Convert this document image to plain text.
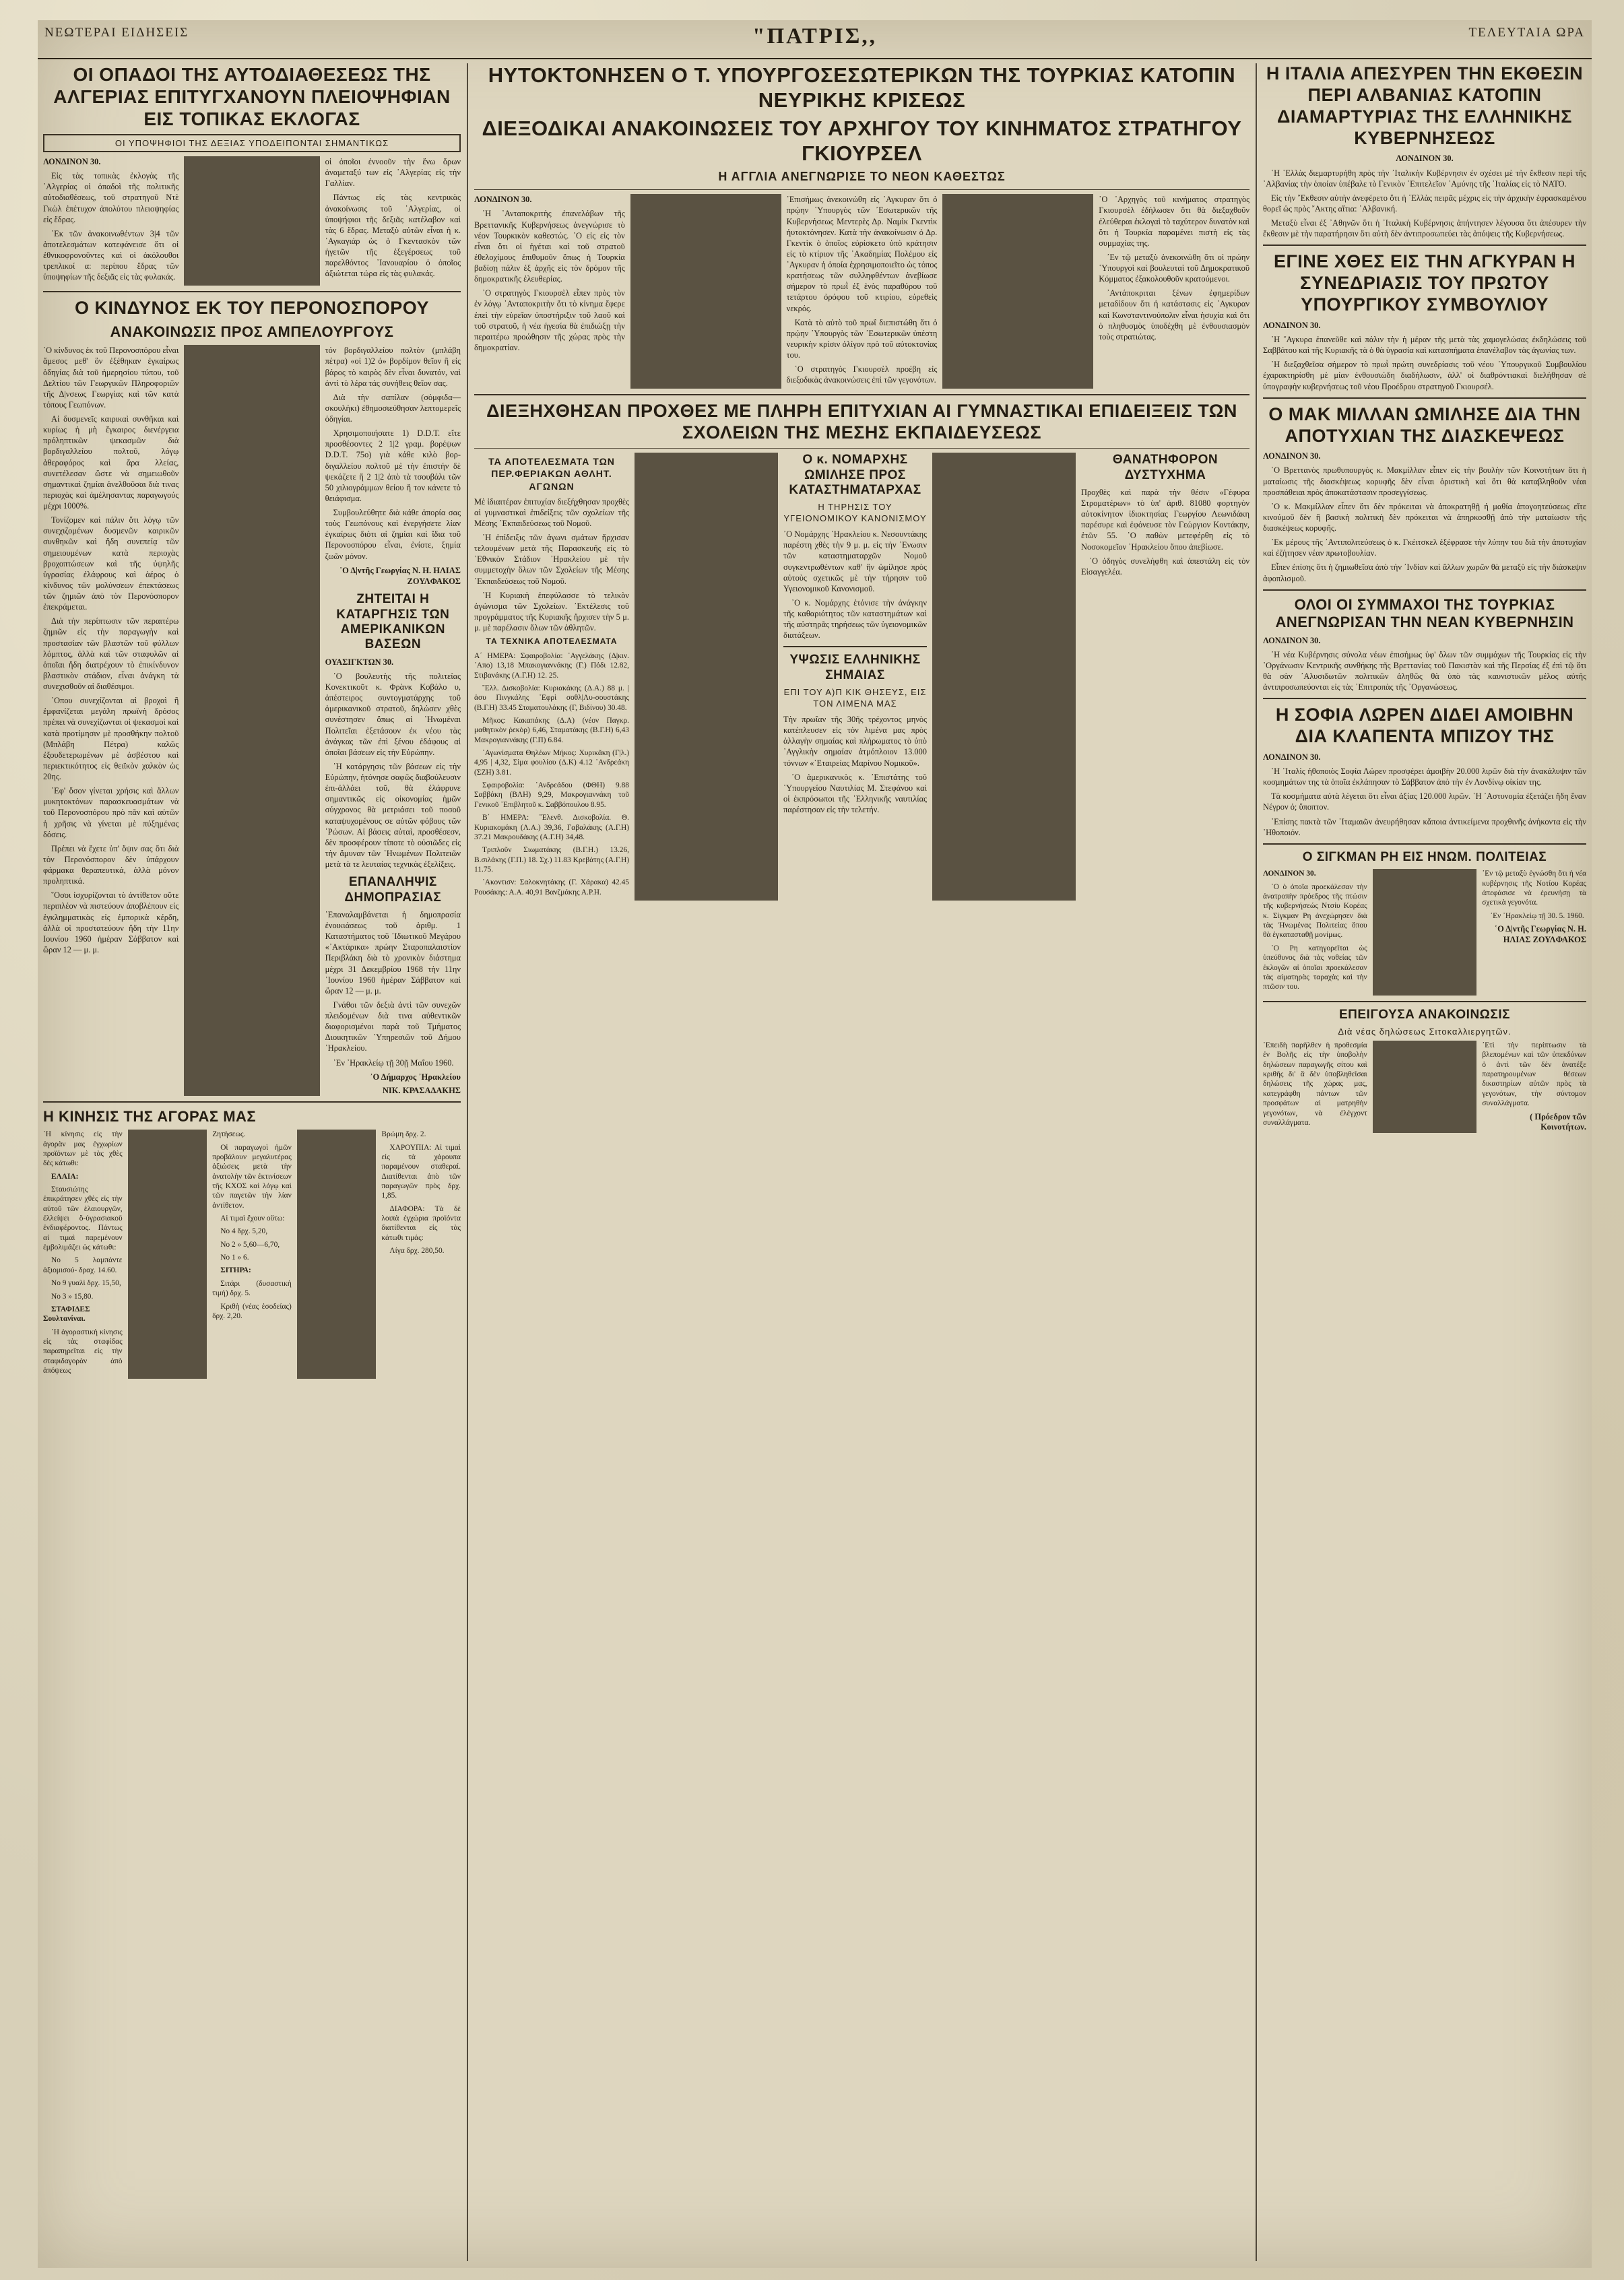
ΝΕΩΤΕΡΑΙ ΕΙΔΗΣΕΙΣ	"ΠΑΤΡΙΣ,,	ΤΕΛΕΥΤΑΙΑ ΩΡΑ
ΟΙ ΟΠΑΔΟΙ ΤΗΣ ΑΥΤΟΔΙΑΘΕΣΕΩΣ ΤΗΣ ΑΛΓΕΡΙΑΣ ΕΠΙΤΥΓΧΑΝΟΥΝ ΠΛΕΙΟΨΗΦΙΑΝ ΕΙΣ ΤΟΠΙΚΑΣ ΕΚΛΟΓΑΣ
ΟΙ ΥΠΟΨΗΦΙΟΙ ΤΗΣ ΔΕΞΙΑΣ ΥΠΟΔΕΙΠΟΝΤΑΙ ΣΗΜΑΝΤΙΚΩΣ

ΛΟΝΔΙΝΟΝ 30.

Εἰς τὰς τοπικὰς ἐκλογὰς τῆς ᾽Αλγερίας οἱ ὀπαδοὶ τῆς πολιτικῆς αὐτοδιαθέσεως, τοῦ στρατηγοῦ Ντὲ Γκὼλ ἐπέτυχον ἀπολύτου πλειοψηφίας εἰς ἕδρας.

᾽Εκ τῶν ἀνακοινωθέντων 3|4 τῶν ἀποτελεσμάτων κατεφάνεισε ὅτι οἱ ἐθνικοφρονοῦντες καὶ οἱ ἀκόλουθοι τρεπλικοί α: περίπου ἕδρας τῶν ὑποψηφίων τῆς δεξιᾶς εἰς τὰς φυλακάς.

οἱ ὁποῖοι ἐννοοῦν τὴν ἕνω ὅρων ἀναμεταξύ των εἰς ᾽Αλγερίας εἰς τὴν Γαλλίαν.

Πάντως εἰς τὰς κεντρικὰς ἀνακοίνωσις τοῦ ᾽Αλγερίας, οἱ ὑποψήφιοι τῆς δεξιᾶς κατέλαβον καὶ τὰς 6 ἕδρας. Μεταξὺ αὐτῶν εἶναι ἡ κ. ᾽Αγκαγιάρ ὡς ὁ Γκεντασκὸν τῶν ἡγετῶν τῆς ἐξεγέρσεως τοῦ παρελθόντος ᾽Ιανουαρίου ὁ ὁποῖος ἀξιώτεται τώρα εἰς τὰς φυλακάς.

Ο ΚΙΝΔΥΝΟΣ ΕΚ ΤΟΥ ΠΕΡΟΝΟΣΠΟΡΟΥ
ΑΝΑΚΟΙΝΩΣΙΣ ΠΡΟΣ ΑΜΠΕΛΟΥΡΓΟΥΣ

᾽Ο κίνδυνος ἐκ τοῦ Περονοσπόρου εἶναι ἄμεσος μεθ' ὃν ἐξέθηκαν ἐγκαίρως ὁδηγίας διὰ τοῦ ἡμερησίου τύπου, τοῦ Δελτίου τῶν Γεωργικῶν Πληροφοριῶν τῆς Δ|νσεως Γεωργίας καὶ τῶν κατὰ τόπους Γεωπόνων.

Αἱ δυσμενεῖς καιρικαὶ συνθῆκαι καὶ κυρίως ἡ μὴ ἔγκαιρος διενέργεια πρόληπτικῶν ψεκασμῶν διὰ βορδιγαλλείου πολτοῦ, λόγῳ ἀθεραφόρος καὶ ἄρα λλείας, συνετέλεσαν ὥστε νὰ σημειωθοῦν σημαντικαὶ ζημίαι ἀνελθοῦσαι διὰ τινας περιοχὰς καὶ ἀμέλησαντας παραγωγούς μέχρι 1000%.

Τονίζομεν καὶ πάλιν ὅτι λόγῳ τῶν συνεχιζομένων δυσμενῶν καιρικῶν συνθηκῶν καὶ ἤδη συνεπείᾳ τῶν σημειουμένων κατὰ περιοχὰς βροχοπτώσεων καὶ τῆς ὑψηλῆς ὑγρασίας ἐλάφρους καὶ ἀέρος ὁ κίνδυνος τῶν μολύνσεων ἐπεκτάσεως τῶν ζημιῶν ἀπὸ τὸν Περονόσπορον ἐπεκράμεται.

Διὰ τὴν περίπτωσιν τῶν περαιτέρω ζημιῶν εἰς τὴν παραγωγὴν καὶ προστασίαν τῶν βλαστῶν τοῦ φύλλων λόμπτος, ἀλλὰ καὶ τῶν σταφυλῶν αἱ ὁποῖαι ἤδη διατρέχουν τὸ ἐπικίνδυνον βλαστικὸν στάδιον, εἶναι ἀνάγκη τὰ συνεχισθοῦν αἱ διαθέσιμοι.

᾽Οπου συνεχίζονται αἱ βροχαὶ ἢ ἐμφανίζεται μεγάλη πρωϊνὴ δρόσος πρέπει νὰ συνεχίζωνται οἱ ψεκασμοὶ καὶ κατὰ προτίμησιν μὲ προσθήκην πολτοῦ (Μπλάβη Πέτρα) καλῶς ἐξουδετερωμένων μὲ ἀσβέστου καὶ περιεκτικότητος εἰς θειϊκὸν χαλκὸν ὡς 20ης.

᾽Εφ' ὅσον γίνεται χρήσις καὶ ἄλλων μυκητοκτόνων παρασκευασμάτων νὰ τοῦ Περονοσπόρου πρὸ πᾶν καὶ αὐτῶν ἡ χρῆσις νὰ γίνεται μὲ πύξημένας δόσεις.

Πρέπει νὰ ἔχετε ὑπ' ὄψιν σας ὅτι διὰ τὸν Περονόσπορον δὲν ὑπάρχουν φάρμακα θεραπευτικά, ἀλλὰ μόνον προληπτικά.

῞Οσοι ἰσχυρίζονται τὸ ἀντίθετον οὕτε περιπλέον νὰ πιστεύουν ἀποβλέπουν εἰς ἐγκλημματικὰς εἰς ἐμπορικὰ κέρδη, ἀλλὰ οἱ προστατεύουν ἤδη τὴν 11ην Ιουνίου 1960 ἡμέραν Σάββατον καὶ ὥραν 12 — μ. μ.

τόν βορδιγαλλείου πολτὸν (μπλάβη πέτρα) «οἱ 1)2 ὁ» βορδίμον θεῖον ἢ εἰς βάρος τὸ καιρὸς δὲν εἶναι δυνατόν, ναὶ ἀντὶ τὸ λέρα τάς συνήθεις θεῖον σας.

Διὰ τὴν σαπίλαν (σόμφιδα—σκουλήκι) ἐθημοσιεύθησαν λεπτομερεῖς ὁδηγίαι.

Χρησιμοποιήσατε 1) D.D.T. εἴτε προσθέσοντες 2 1|2 γραμ. βορέψων D.D.T. 75ο) γιὰ κάθε κιλὸ βορ-διγαλλείου πολτοῦ μὲ τὴν ἐπιστήν δὲ ψεκάζετε ἤ 2 1|2 ἀπὸ τὰ τσουβάλι τῶν 50 χιλιογράμμων θείου ἢ τον κάνετε τὸ θειάφισμα.

Συμβουλεύθητε διὰ κάθε ἀπορία σας τοὺς Γεωπόνους καὶ ἐνεργήσετε λίαν ἐγκαίρως διότι αἱ ζημίαι καὶ ἴδια τοῦ Περονοσπόρου εἶναι, ἐνίοτε, ξημία ζωῶν μόνον.

᾽Ο Δ|ντῆς Γεωργίας Ν. Η. ΗΛΙΑΣ ΖΟΥΛΦΑΚΟΣ
ΖΗΤΕΙΤΑΙ Η ΚΑΤΑΡΓΗΣΙΣ ΤΩΝ ΑΜΕΡΙΚΑΝΙΚΩΝ ΒΑΣΕΩΝ

ΟΥΑΣΙΓΚΤΩΝ 30.

᾽Ο βουλευτὴς τῆς πολιτείας Κονεκτικοῦτ κ. Φρὰνκ Κοβάλο υ, ἀπέστειρος συντογματάρχης τοῦ ἀμερικανικοῦ στρατοῦ, δηλώσεν χθὲς συνέστησεν ὅπως αἱ ῾Ηνωμέναι Πολιτεῖαι ἐξετάσουν ἐκ νέου τὰς ἀνάγκας τῶν ἐπὶ ξένου ἐδάφους αἱ ὁποῖαι βάσεων εἰς τὴν Εὐρώπην.

῾Η κατάργησις τῶν βάσεων εἰς τὴν Εὐρώπην, ἠτόνησε σαφῶς διαβούλευσιν ἐπι-ἀλλάει τοῦ, θὰ ἐλάφρυνε σημαντικῶς εἰς οἰκονομίας ἡμῶν σύγχρονος θὰ μετριάσει τοῦ ποσοῦ καταψυχομένους σε αὐτῶν φόβους τῶν ῾Ρώσων. Αἱ βάσεις αὐταὶ, προσθέσεσν, δὲν προσφέρουν τίποτε τὸ οὐσιῶδες εἰς τὴν ἄμυναν τῶν ῾Ηνωμένων Πολιτειῶν μετὰ τὰ τε λευταίας τεχνικὰς ἐξελίξεις.

ΕΠΑΝΑΛΗΨΙΣ ΔΗΜΟΠΡΑΣΙΑΣ

᾽Επαναλαμβάνεται ἡ δημοπρασία ἐνοικιάσεως τοῦ ἀριθμ. 1 Καταστήματος τοῦ ᾽Ιδιωτικοῦ Μεγάρου «᾽Ακτάρικα» πρώην Σταροπαλαιστίον Περιβλάκη διὰ τὸ χρονικὸν διάστημα μέχρι 31 Δεκεμβρίου 1968 τὴν 11ην ᾽Ιουνίου 1960 ἡμέραν Σάββατον καὶ ὥραν 12 — μ. μ.

Γνάθοι τῶν δεξιὰ ἀντὶ τῶν συνεχῶν πλειδομένων διὰ τινα αὐθεντικῶν διαφορισμένοι παρὰ τοῦ Τμήματος Διοικητικῶν ᾽Υπηρεσιῶν τοῦ Δήμου ᾽Ηρακλείου.

᾽Εν ᾽Ηρακλείῳ τῇ 30ῇ Μαΐου 1960.

᾽Ο Δήμαρχος ᾽Ηρακλείου
ΝΙΚ. ΚΡΑΣΑΔΑΚΗΣ
Η ΚΙΝΗΣΙΣ ΤΗΣ ΑΓΟΡΑΣ ΜΑΣ

᾽Η κίνησις εἰς τὴν ἀγορὰν μας ἐγχωρίων προϊόντων μὲ τὰς χθὲς δὲς κάτωθι:

ΕΛΑΙΑ:

Σταυσιώτης ἐπικράτησεν χθὲς εἰς τὴν αὐτοῦ τῶν ἑλαιουργῶν, ἐλλείψει ὅ-ὑγρασιακοῦ ἐνδιαφέροντος. Πάντως αἱ τιμαὶ παρεμένουν ἐμβολιμάζει ὡς κάτωθι:

Νο 5 λαμπάντε ἀξιομισού- δραχ. 14.60.

Νο 9 γυαλὶ δρχ. 15,50,

Νο 3 » 15,80.

ΣΤΑΦΙΔΕΣ Σουλτανίναι.

᾽Η ἀγοραστικὴ κίνησις εἰς τὰς σταφίδας παραπηρεῖται εἰς τὴν σταφιδαγορὰν ἀπὸ ἀπόψεως

Ζητήσεως.

Οἱ παραγωγοὶ ἡμῶν προβάλουν μεγαλυτέρας ἀξιώσεις μετὰ τὴν ἀνατολὴν τῶν ἐκτινίσεων τῆς ΚΧΟΣ καὶ λόγῳ καὶ τῶν παγετῶν τὴν λίαν ἀντίθετον.

Αἱ τιμαὶ ἔχουν οὕτω:

Νο 4 δρχ. 5,20,

Νο 2 » 5,60—6,70,

Νο 1 » 6.

ΣΙΤΗΡΑ:

Σιτάρι (δυσαστικὴ τιμή) δρχ. 5.

Κριθὴ (νέας ἐσοδείας) δρχ. 2,20.

Βρώμη δρχ. 2.

ΧΑΡΟΥΠΙΑ: Αἱ τιμαὶ εἰς τὰ χάρουπα παραμένουν σταθεραί. Διατίθενται ἀπὸ τῶν παραγωγῶν πρὸς δρχ. 1,85.

ΔΙΑΦΟΡΑ: Τὰ δὲ λοιπὰ ἐγχώρια προϊόντα διατίθενται εἰς τὰς κάτωθι τιμάς:

Λίγα δρχ. 280,50.

ΗΥΤΟΚΤΟΝΗΣΕΝ Ο Τ. ΥΠΟΥΡΓΟΣΕΣΩΤΕΡΙΚΩΝ ΤΗΣ ΤΟΥΡΚΙΑΣ ΚΑΤΟΠΙΝ ΝΕΥΡΙΚΗΣ ΚΡΙΣΕΩΣ
ΔΙΕΞΟΔΙΚΑΙ ΑΝΑΚΟΙΝΩΣΕΙΣ ΤΟΥ ΑΡΧΗΓΟΥ ΤΟΥ ΚΙΝΗΜΑΤΟΣ ΣΤΡΑΤΗΓΟΥ ΓΚΙΟΥΡΣΕΛ
Η ΑΓΓΛΙΑ ΑΝΕΓΝΩΡΙΣΕ ΤΟ ΝΕΟΝ ΚΑΘΕΣΤΩΣ

ΛΟΝΔΙΝΟΝ 30.

῾Η ᾽Ανταποκριτὴς ἐπανελάβων τῆς Βρεττανικῆς Κυβερνήσεως ἀνεγνώρισε τὸ νέον Τουρκικὸν καθεστώς. ᾽Ο εἰς εἰς τὸν εἶναι ὅτι οἱ ἡγέται καὶ τοῦ στρατοῦ ἐθελοχίμους ἐπιθυμοῦν ὅπως ἡ Τουρκία βαδίσῃ πάλιν ἐξ ἀρχῆς εἰς τὸν δρόμον τῆς δημοκρατικῆς ἐλευθερίας.

᾽Ο στρατηγὸς Γκιουρσὲλ εἶπεν πρὸς τὸν ἐν λόγῳ ᾽Ανταποκριτὴν ὅτι τὸ κίνημα ἔφερε ἐπεὶ τὴν εὐρεῖαν ὑποστήριξιν τοῦ λαοῦ καὶ τοῦ στρατοῦ, ἡ νέα ἡγεσία θὰ ἐπιδιώξῃ τὴν περαιτέρω προώθησιν τῆς χώρας πρὸς τὴν δημοκρατίαν.

᾽Επισήμως ἀνεκοινώθη εἰς ᾽Αγκυραν ὅτι ὁ πρῴην ῾Υπουργὸς τῶν ᾽Εσωτερικῶν τῆς Κυβερνήσεως Μεντερὲς Δρ. Ναμὶκ Γκεντὶκ ἠυτοκτόνησεν. Κατὰ τὴν ἀνακοίνωσιν ὁ Δρ. Γκεντὶκ ὁ ὁποῖος εὑρίσκετο ὑπὸ κράτησιν εἰς τὸ κτίριον τῆς ᾽Ακαδημίας Πολέμου εἰς ᾽Αγκυραν ἡ ὁποία ἐχρησιμοποιεῖτο ὡς τόπος κρατήσεως τῶν συλληφθέντων ἀνεβίωσε σήμερον τὸ πρωῒ ἐξ ἑνὸς παραθύρου τοῦ τετάρτου ὀρόφου τοῦ κτιρίου, εὑρεθεὶς νεκρός.

Κατὰ τὸ αὐτὸ τοῦ πρωΐ διεπιστώθη ὅτι ὁ πρῴην ῾Υπουργὸς τῶν ᾽Εσωτερικῶν ὑπέστη νευρικὴν κρίσιν ὀλίγον πρὸ τοῦ αὐτοκτονίας του.

῾Ο στρατηγὸς Γκιουρσὲλ προέβη εἰς διεξοδικὰς ἀνακοινώσεις ἐπὶ τῶν γεγονότων.

῾Ο ᾽Αρχηγὸς τοῦ κινήματος στρατηγὸς Γκιουρσὲλ ἐδήλωσεν ὅτι θὰ διεξαχθοῦν ἐλεύθεραι ἐκλογαὶ τὸ ταχύτερον δυνατὸν καὶ ὅτι ἡ Τουρκία παραμένει πιστὴ εἰς τὰς συμμαχίας της.

᾽Εν τῷ μεταξὺ ἀνεκοινώθη ὅτι οἱ πρώην ῾Υπουργοὶ καὶ βουλευταὶ τοῦ Δημοκρατικοῦ Κόμματος ἐξακολουθοῦν κρατούμενοι.

᾽Αντάποκριται ξένων ἐφημερίδων μεταδίδουν ὅτι ἡ κατάστασις εἰς ᾽Αγκυραν καὶ Κωνσταντινούπολιν εἶναι ἡσυχία καὶ ὅτι ὁ πληθυσμὸς ὑποδέχθη μὲ ἐνθουσιασμὸν τοὺς στρατιώτας.

ΔΙΕΞΗΧΘΗΣΑΝ ΠΡΟΧΘΕΣ ΜΕ ΠΛΗΡΗ ΕΠΙΤΥΧΙΑΝ ΑΙ ΓΥΜΝΑΣΤΙΚΑΙ ΕΠΙΔΕΙΞΕΙΣ ΤΩΝ ΣΧΟΛΕΙΩΝ ΤΗΣ ΜΕΣΗΣ ΕΚΠΑΙΔΕΥΣΕΩΣ
ΤΑ ΑΠΟΤΕΛΕΣΜΑΤΑ ΤΩΝ ΠΕΡ.ΦΕΡΙΑΚΩΝ ΑΘΛΗΤ. ΑΓΩΝΩΝ

Μὲ ἰδιαιτέραν ἐπιτυχίαν διεξήχθησαν προχθὲς αἱ γυμναστικαὶ ἐπιδείξεις τῶν σχολείων τῆς Μέσης ᾽Εκπαιδεύσεως τοῦ Νομοῦ.

῾Η ἐπίδειξις τῶν ἀγωνι σμάτων ἤρχισαν τελουμένων μετὰ τῆς Παρασκευῆς εἰς τὸ ᾽Εθνικὸν Στάδιον ᾽Ηρακλείου μὲ τὴν συμμετοχὴν ὅλων τῶν Σχολείων τῆς Μέσης ᾽Εκπαιδεύσεως τοῦ Νομοῦ.

῾Η Κυριακὴ ἐπεφύλασσε τὸ τελικὸν ἀγώνισμα τῶν Σχολείων. ᾽Εκτέλεσις τοῦ προγράμματος τῆς Κυριακῆς ἤρχισεν τὴν 5 μ. μ. μὲ παρέλασιν ὅλων τῶν ἀθλητῶν.

ΤΑ ΤΕΧΝΙΚΑ ΑΠΟΤΕΛΕΣΜΑΤΑ

Α΄ ΗΜΕΡΑ: Σφαιροβολία: ᾽Αγγελάκης (Δ|κιν. ᾽Απο) 13,18 Μπακογιαννάκης (Γ.) Πόδι 12.82, Στιβανάκης (Α.Γ.Η) 12. 25.

῎Ελλ. Δισκοβολία: Κυριακάκης (Δ.Α.) 88 μ. | ἀσυ Πινγκάλης ᾽Εφρὶ σοθλ|Λυ-σουστάκης (Β.Γ.Η) 33.45 Σταματουλάκης (Γ, Βιδίνου) 30.48.

Μῆκος: Κακαπάκης (Δ.Α) (νέον Παγκρ. μαθητικὸν ῥεκὸρ) 6,46, Σταματάκης (Β.Γ.Η) 6,43 Μακρογιαννάκης (Γ.Π) 6.84.

᾽Αγωνίσματα Θηλέων Μήκος: Χυρικᾶκη (Γ|λ.) 4,95 | 4,32, Σὶμα φουλίου (Δ.Κ) 4.12 ᾽Ανδρεάκη (ΣΖΗ) 3.81.

Σφαιροβολία: ᾽Ανδρεάδου (ΦΘΗ) 9.88 Σαββάκη (ΒΛΗ) 9,29, Μακρογιαννάκη τοῦ Γενικοῦ ᾽Επιβλητοῦ κ. Σαββόπουλου 8.95.

Β΄ ΗΜΕΡΑ: ῞Ελενθ. Δισκοβολία. Θ. Κυριακομάκη (Λ.Α.) 39,36, Γαβαλάκης (Α.Γ.Η) 37.21 Μακρουδάκης (Α.Γ.Η) 34,48.

Τριπλοῦν Σιωματάκης (Β.Γ.Η.) 13.26, Β.σιλάκης (Γ.Π.) 18. Σχ.) 11.83 Κρεβάτης (Α.Γ.Η) 11.75.

᾽Ακοντισν: Σαλοκνητάκης (Γ. Χάρακα) 42.45 Ρουσάκης: Α.Α. 40,91 Βανζμάκης Α.Ρ.Η.

Ο κ. ΝΟΜΑΡΧΗΣ ΩΜΙΛΗΣΕ ΠΡΟΣ ΚΑΤΑΣΤΗΜΑΤΑΡΧΑΣ
Η ΤΗΡΗΣΙΣ ΤΟΥ ΥΓΕΙΟΝΟΜΙΚΟΥ ΚΑΝΟΝΙΣΜΟΥ

᾽Ο Νομάρχης ᾽Ηρακλείου κ. Νεσουντάκης παρέστη χθὲς τὴν 9 μ. μ. εἰς τὴν ᾽Ενωσιν τῶν καταστηματαρχῶν Νομοῦ συγκεντρωθέντων καθ' ἣν ὡμίλησε πρὸς αὐτοὺς σχετικῶς μὲ τὴν τήρησιν τοῦ Υγειονομικοῦ Κανονισμοῦ.

᾽Ο κ. Νομάρχης ἐτόνισε τὴν ἀνάγκην τῆς καθαριότητος τῶν καταστημάτων καὶ τῆς αὐστηρᾶς τηρήσεως τῶν ὑγειονομικῶν διατάξεων.

ΥΨΩΣΙΣ ΕΛΛΗΝΙΚΗΣ ΣΗΜΑΙΑΣ
ΕΠΙ ΤΟΥ Α)Π ΚΙΚ ΘΗΣΕΥΣ, ΕΙΣ ΤΟΝ ΛΙΜΕΝΑ ΜΑΣ

Τὴν πρωΐαν τῆς 30ῆς τρέχοντος μηνὸς κατέπλευσεν εἰς τὸν λιμένα μας πρὸς ἀλλαγὴν σημαίας καὶ πλήρωματος τὸ ὑπὸ ᾽Αγγλικὴν σημαίαν ἀτμόπλοιον 13.000 τόννων «῾Εταιρείας Μαρίνου Νομικοῦ».

᾽Ο ἁμερικανικὸς κ. ᾽Επιστάτης τοῦ ῾Υπουργείου Ναυτιλίας Μ. Στεφάνου καὶ οἱ ἐκπρόσωποι τῆς ῾Ελληνικῆς ναυτιλίας παρέστησαν εἰς τὴν τελετήν.

ΘΑΝΑΤΗΦΟΡΟΝ ΔΥΣΤΥΧΗΜΑ

Προχθὲς καὶ παρὰ τὴν θέσιν «Γέφυρα Στροματέρων» τὸ ὑπ' ἀριθ. 81080 φορτηγὸν αὐτοκίνητον ἰδιοκτησίας Γεωργίου Λεωνιδάκη παρέσυρε καὶ ἐφόνευσε τὸν Γεώργιον Κοντάκην, ἐτῶν 55. ᾽Ο παθὼν μετεφέρθη εἰς τὸ Νοσοκομεῖον ᾽Ηρακλείου ὅπου ἀπεβίωσε.

᾽Ο ὁδηγὸς συνελήφθη καὶ ἀπεστάλη εἰς τὸν Εἰσαγγελέα.

Η ΙΤΑΛΙΑ ΑΠΕΣΥΡΕΝ ΤΗΝ ΕΚΘΕΣΙΝ ΠΕΡΙ ΑΛΒΑΝΙΑΣ ΚΑΤΟΠΙΝ ΔΙΑΜΑΡΤΥΡΙΑΣ ΤΗΣ ΕΛΛΗΝΙΚΗΣ ΚΥΒΕΡΝΗΣΕΩΣ

ΛΟΝΔΙΝΟΝ 30.

῾Η ῾Ελλὰς διεμαρτυρήθη πρὸς τὴν ᾽Ιταλικὴν Κυβέρνησιν ἐν σχέσει μὲ τὴν ἔκθεσιν περὶ τῆς ᾽Αλβανίας τὴν ὁποίαν ὑπέβαλε τὸ Γενικὸν ᾽Επιτελεῖον ᾽Αμύνης τῆς ᾽Ιταλίας εἰς τὸ ΝΑΤΟ.

Εἰς τὴν ῎Εκθεσιν αὐτὴν ἀνεφέρετο ὅτι ἡ ῾Ελλὰς πειρᾶς μέχρις εἰς τὴν ἀρχικὴν ἐφρασκαμένου θορεῖ ὡς πρὸς ῎Ακτης αἴτια: ᾽Αλβανική.

Μεταξὺ εἶναι ἐξ ᾽Αθηνῶν ὅτι ἡ ᾽Ιταλικὴ Κυβέρνησις ἀπήντησεν λέγουσα ὅτι ἀπέσυρεν τὴν ἔκθεσιν μὲ τὴν παρατήρησιν ὅτι αὐτὴ δὲν ἀντιπροσωπεύει τὰς ἀπόψεις τῆς Κυβερνήσεως.

ΕΓΙΝΕ ΧΘΕΣ ΕΙΣ ΤΗΝ ΑΓΚΥΡΑΝ Η ΣΥΝΕΔΡΙΑΣΙΣ ΤΟΥ ΠΡΩΤΟΥ ΥΠΟΥΡΓΙΚΟΥ ΣΥΜΒΟΥΛΙΟΥ

ΛΟΝΔΙΝΟΝ 30.

῾Η ῎Αγκυρα ἐπανεῦθε καὶ πάλιν τὴν ἡ μέραν τῆς μετὰ τὰς χαμογελώσας ἐκδηλώσεις τοῦ Σαββάτου καὶ τῆς Κυριακῆς τὰ ὁ θὰ ὑγρασία καὶ κατασπήματα ἐπανέλαβον τὰς ἀγωνίας των.

῾Η διεξαχθεῖσα σήμερον τὸ πρωῒ πρώτη συνεδρίασις τοῦ νέου ῾Υπουργικοῦ Συμβουλίου ἐχαρακτηρίσθη μὲ μίαν ἐνθουσιώδη διαδήλωσιν, ἀλλ' οἱ διαθρόντιακαὶ διελήθησαν σὲ ὑπογραφὴν κυβερνήσεως τοῦ νέου Προέδρου στρατηγοῦ Γκιουρσέλ.

Ο ΜΑΚ ΜΙΛΛΑΝ ΩΜΙΛΗΣΕ ΔΙΑ ΤΗΝ ΑΠΟΤΥΧΙΑΝ ΤΗΣ ΔΙΑΣΚΕΨΕΩΣ

ΛΟΝΔΙΝΟΝ 30.

῾Ο Βρεττανὸς πρωθυπουργὸς κ. Μακμίλλαν εἶπεν εἰς τὴν βουλὴν τῶν Κοινοτήτων ὅτι ἡ ματαίωσις τῆς διασκέψεως κορυφῆς δὲν εἶναι ὁριστικὴ καὶ ὅτι θὰ καταβληθοῦν νέαι προσπάθειαι πρὸς ἀποκατάστασιν προσεγγίσεως.

᾽Ο κ. Μακμίλλαν εἶπεν ὅτι δὲν πρόκειται νὰ ἀποκρατηθῇ ἡ μαθία ἀπογοητεύσεως εἴτε κινούμοῦ δὲν ἢ βασικὴ πολιτικὴ δὲν πρόκειται νὰ ἀπηρκοσθῇ ἀπὸ τὴν ματαίωσιν τῆς διασκέψεως κορυφῆς.

᾽Εκ μέρους τῆς ᾽Αντιπολιτεύσεως ὁ κ. Γκέιτσκελ ἐξέφρασε τὴν λύπην του διὰ τὴν ἀποτυχίαν καὶ ἐζήτησεν νέαν πρωτοβουλίαν.

Εἶπεν ἐπίσης ὅτι ἡ ζημιωθεῖσα ἀπὸ τὴν ᾽Ινδίαν καὶ ἄλλων χωρῶν θὰ μεταξὺ εἰς τὴν διάσκεψιν ἀφοπλισμοῦ.

ΟΛΟΙ ΟΙ ΣΥΜΜΑΧΟΙ ΤΗΣ ΤΟΥΡΚΙΑΣ ΑΝΕΓΝΩΡΙΣΑΝ ΤΗΝ ΝΕΑΝ ΚΥΒΕΡΝΗΣΙΝ

ΛΟΝΔΙΝΟΝ 30.

῾Η νέα Κυβέρνησις σύνολα νέων ἐπισήμως ὑφ' ὅλων τῶν συμμάχων τῆς Τουρκίας εἰς τὴν ᾽Οργάνωσιν Κεντρικῆς συνθήκης τῆς Βρεττανίας τοῦ Πακιστὰν καὶ τῆς Περσίας ἐξ ἐπὶ τῷ ὅτι θὰ σὰν ᾽Αλυσιδωτῶν πολιτικῶν ἀληθῶς θὰ ὑπὸ τὰς καυνιστικῶν μέλος αὐτῆς ἀντιπροσωπεύονται εἰς τὰς ᾽Επιτροπὰς τῆς ᾽Οργανώσεως.

Η ΣΟΦΙΑ ΛΩΡΕΝ ΔΙΔΕΙ ΑΜΟΙΒΗΝ ΔΙΑ ΚΛΑΠΕΝΤΑ ΜΠΙΖΟΥ ΤΗΣ

ΛΟΝΔΙΝΟΝ 30.

῾Η ᾽Ιταλὶς ἠθοποιὸς Σοφία Λώρεν προσφέρει ἀμοιβὴν 20.000 λιρῶν διὰ τὴν ἀνακάλυψιν τῶν κοσμημάτων της τὰ ὁποῖα ἐκλάπησαν τὸ Σάββατον ἀπὸ τὴν ἐν Λονδίνῳ οἰκίαν της.

Τὰ κοσμήματα αὐτὰ λέγεται ὅτι εἶναι ἀξίας 120.000 λιρῶν. ῾Η ᾽Αστυνομία ἐξετάζει ἤδη ἕναν Νέγρον ὁ; ὕποπτον.

᾽Επίσης πακτὰ τῶν ᾽Ιταμαιῶν ἀνευρήθησαν κἄποια ἀντικείμενα προχθινῆς ἀνήκοντα εἰς τὴν ᾽Ηθοποιόν.

Ο ΣΙΓΚΜΑΝ ΡΗ ΕΙΣ ΗΝΩΜ. ΠΟΛΙΤΕΙΑΣ

ΛΟΝΔΙΝΟΝ 30.

᾽Ο ὁ ὁποῖα προεκάλεσαν τὴν ἀνατροπὴν πρόεδρος τῆς πτώσιν τῆς κυβερνήσεώς Ντσίυ Κορέας κ. Σίγκμαν Ρη ἀνεχώρησεν διὰ τὰς Ἡνωμένας Πολιτείας ὅπου θὰ ἐγκατασταθῇ μονίμως.

᾽Ο Ρη κατηγορεῖται ὡς ὑπεύθυνος διὰ τὰς νοθείας τῶν ἐκλογῶν αἱ ὁποῖαι προεκάλεσαν τὰς αἱματηρὰς ταραχὰς καὶ τὴν πτῶσιν του.

᾽Εν τῷ μεταξὺ ἐγνώσθη ὅτι ἡ νέα κυβέρνησις τῆς Νοτίου Κορέας ἀπεφάσισε νὰ ἐρευνήσῃ τὰ σχετικὰ γεγονότα.

᾽Εν ᾽Ηρακλείῳ τῇ 30. 5. 1960.

῾Ο Δ|ντῆς Γεωργίας Ν. Η. ΗΛΙΑΣ ΖΟΥΛΦΑΚΟΣ
ΕΠΕΙΓΟΥΣΑ ΑΝΑΚΟΙΝΩΣΙΣ
Διὰ νέας δηλώσεως Σιτοκαλλιεργητῶν.

᾽Επειδὴ παρῆλθεν ἡ προθεσμία ἐν Βολῆς εἰς τὴν ὑποβολὴν δηλώσεων παραγωγῆς σίτου καὶ κριθῆς δι' ἃ δὲν ὑποβληθεῖσαι δηλώσεις τῆς χώρας μας, κατεγράφθη πάντων τῶν προσφάτων αἱ ματρηθὴν γεγονότων, νὰ ἐλέγχοντ συναλλάγματα.

᾽Ετὶ τὴν περίπτωσιν τὰ βλεπομένων καὶ τῶν ὑπεκδύνων ὁ ἀντὶ τῶν δὲν ἀνατέξε παρατηρουμένων θέσεων δικαστηρίων αὐτῶν πρὸς τὰ γεγονότων, τὴν σύντομον συναλλάγματα.

( Πρόεδρον τῶν Κοινοτήτων.
